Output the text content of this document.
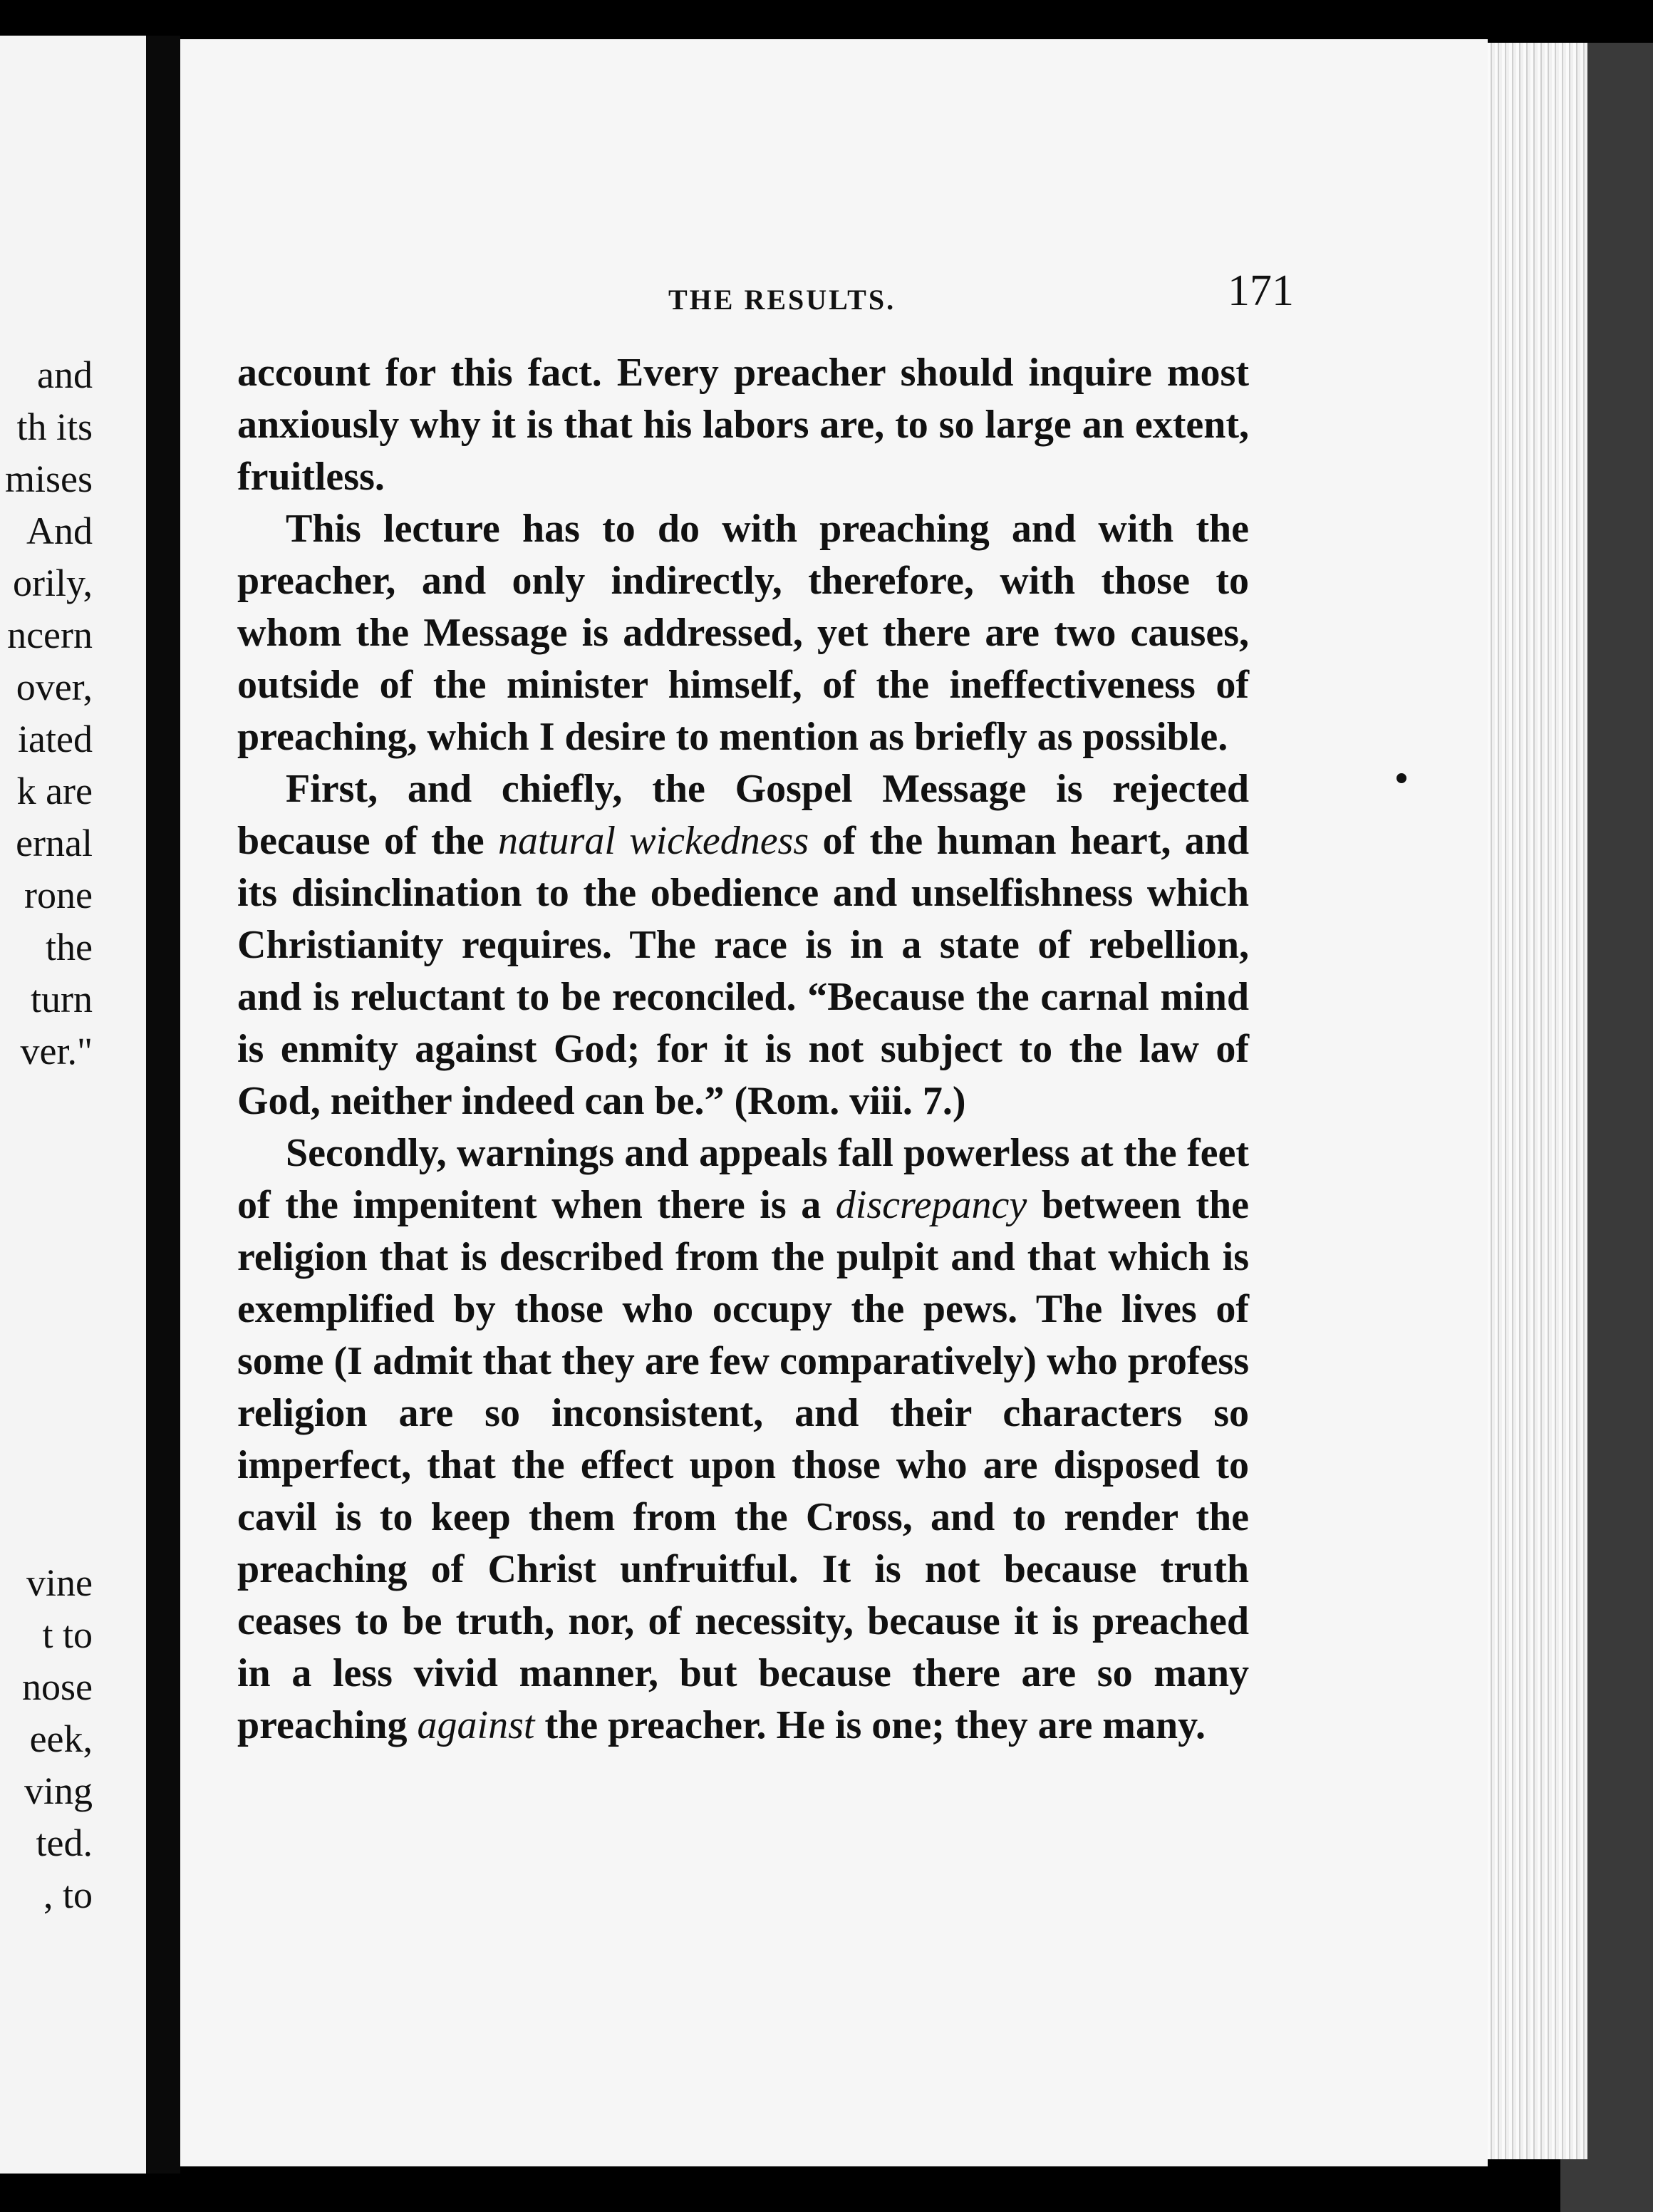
and
th its
mises
And
orily,
ncern
over,
iated
k are
ernal
rone
the
turn
ver."
vine
t to
nose
eek,
ving
ted.
, to
THE RESULTS.	171

account for this fact. Every preacher should inquire most anxiously why it is that his labors are, to so large an extent, fruitless.

This lecture has to do with preaching and with the preacher, and only indirectly, therefore, with those to whom the Message is addressed, yet there are two causes, outside of the minister himself, of the ineffectiveness of preaching, which I desire to mention as briefly as possible.

First, and chiefly, the Gospel Message is rejected because of the natural wickedness of the human heart, and its disinclination to the obedience and unselfishness which Christianity requires. The race is in a state of rebellion, and is reluctant to be reconciled. “Because the carnal mind is enmity against God; for it is not subject to the law of God, neither indeed can be.” (Rom. viii. 7.)

Secondly, warnings and appeals fall powerless at the feet of the impenitent when there is a discrepancy between the religion that is described from the pulpit and that which is exemplified by those who occupy the pews. The lives of some (I admit that they are few comparatively) who profess religion are so inconsistent, and their characters so imperfect, that the effect upon those who are disposed to cavil is to keep them from the Cross, and to render the preaching of Christ unfruitful. It is not because truth ceases to be truth, nor, of necessity, because it is preached in a less vivid manner, but because there are so many preaching against the preacher. He is one; they are many.
